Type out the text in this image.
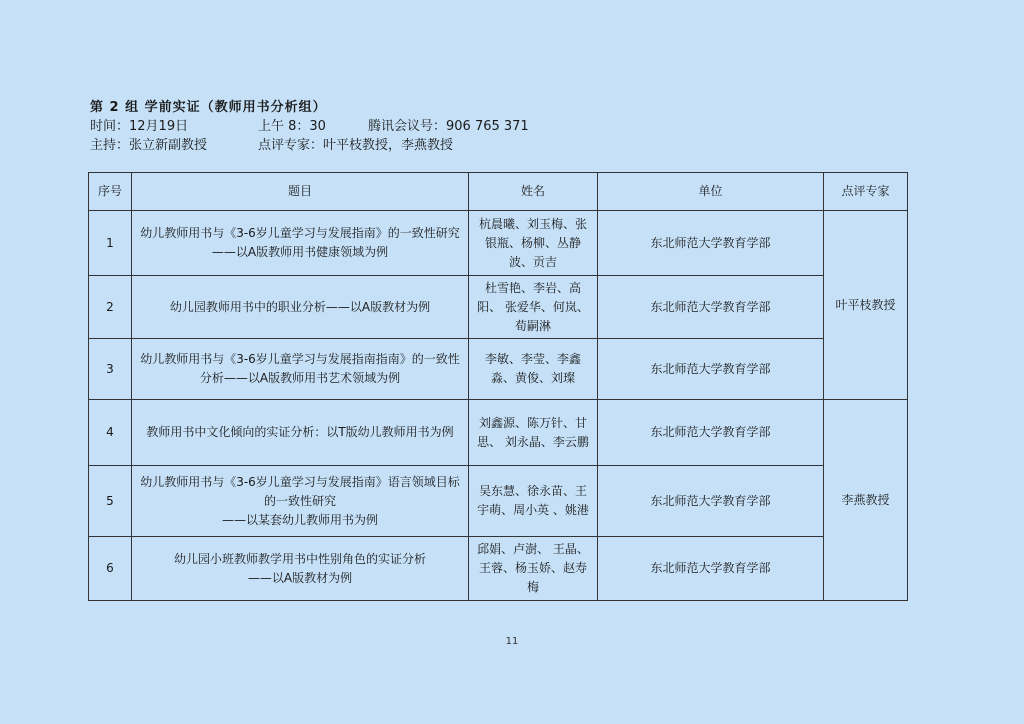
第 2 组 学前实证（教师用书分析组）
时间：12月19日	上午 8：30	腾讯会议号：906 765 371
主持：张立新副教授	点评专家：叶平枝教授，李燕教授
序号	题目	姓名	单位	点评专家
1	幼儿教师用书与《3-6岁儿童学习与发展指南》的一致性研究——以A版教师用书健康领域为例	杭晨曦、刘玉梅、张银瓶、杨柳、丛静波、贡吉	东北师范大学教育学部	叶平枝教授
2	幼儿园教师用书中的职业分析——以A版教材为例	杜雪艳、李岩、高阳、 张爱华、何岚、荀嗣淋	东北师范大学教育学部	
3	幼儿教师用书与《3-6岁儿童学习与发展指南指南》的一致性分析——以A版教师用书艺术领域为例	李敏、李莹、李鑫淼、黄俊、刘璨	东北师范大学教育学部	
4	教师用书中文化倾向的实证分析：以T版幼儿教师用书为例	刘鑫源、陈万针、甘思、 刘永晶、李云鹏	东北师范大学教育学部	李燕教授
5	幼儿教师用书与《3-6岁儿童学习与发展指南》语言领域目标的一致性研究
——以某套幼儿教师用书为例	吴东慧、徐永苗、王宇萌、周小英 、姚港	东北师范大学教育学部	
6	幼儿园小班教师教学用书中性别角色的实证分析
——以A版教材为例	邱娟、卢澍、 王晶、王蓉、杨玉娇、赵寿梅	东北师范大学教育学部	
11
